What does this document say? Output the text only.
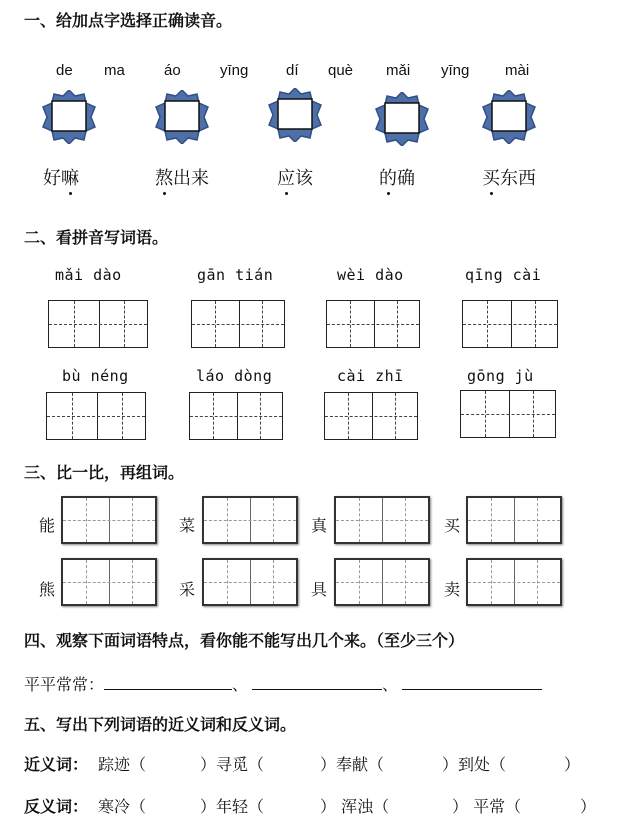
一、给加点字选择正确读音。
de ma	áo	yīng	dí què mǎi yīng mài
好嘛	熬出来	应该	的确	买东西
二、看拼音写词语。
mǎi dào	gān tián	wèi dào	qīng cài
bù néng	láo dòng	cài zhī	gōng jù
三、比一比，再组词。
能	菜	真	买
熊	采	具	卖
四、观察下面词语特点，看你能不能写出几个来。（至少三个）
平平常常：	、	、
五、写出下列词语的近义词和反义词。
近义词： 踪迹（	）寻觅（	）奉献（	）到处（	）
反义词： 寒冷（	）年轻（	） 浑浊（	） 平常（	）
